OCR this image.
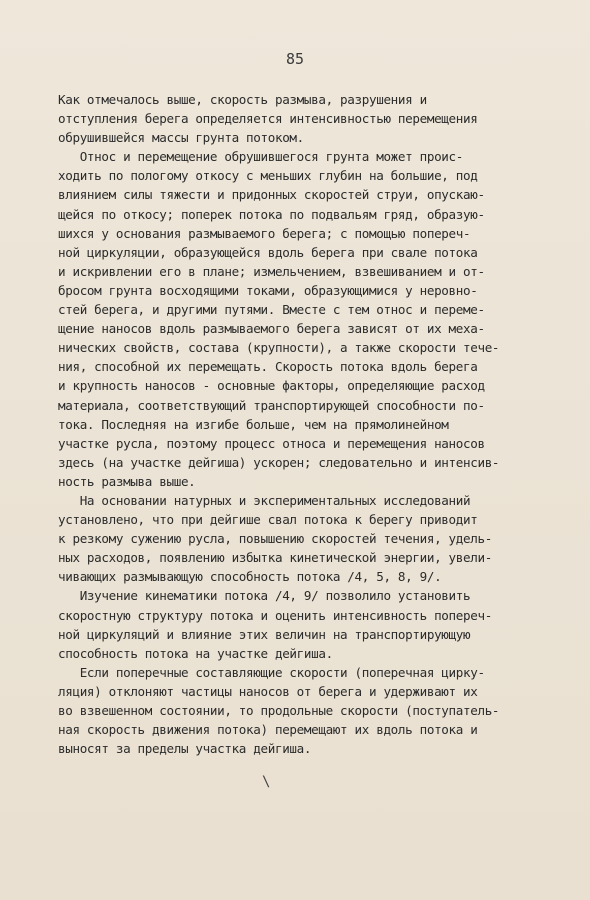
85
Как отмечалось выше, скорость размыва, разрушения и
отступления берега определяется интенсивностью перемещения
обрушившейся массы грунта потоком.
Относ и перемещение обрушившегося грунта может проис-
ходить по пологому откосу с меньших глубин на большие, под
влиянием силы тяжести и придонных скоростей струи, опускаю-
щейся по откосу; поперек потока по подвальям гряд, образую-
шихся у основания размываемого берега; с помощью попереч-
ной циркуляции, образующейся вдоль берега при свале потока
и искривлении его в плане; измельчением, взвешиванием и от-
бросом грунта восходящими токами, образующимися у неровно-
стей берега, и другими путями. Вместе с тем относ и переме-
щение наносов вдоль размываемого берега зависят от их меха-
нических свойств, состава (крупности), а также скорости тече-
ния, способной их перемещать. Скорость потока вдоль берега
и крупность наносов - основные факторы, определяющие расход
материала, соответствующий транспортирующей способности по-
тока. Последняя на изгибе больше, чем на прямолинейном
участке русла, поэтому процесс относа и перемещения наносов
здесь (на участке дейгиша) ускорен; следовательно и интенсив-
ность размыва выше.
На основании натурных и экспериментальных исследований
установлено, что при дейгише свал потока к берегу приводит
к резкому сужению русла, повышению скоростей течения, удель-
ных расходов, появлению избытка кинетической энергии, увели-
чивающих размывающую способность потока /4, 5, 8, 9/.
Изучение кинематики потока /4, 9/ позволило установить
скоростную структуру потока и оценить интенсивность попереч-
ной циркуляций и влияние этих величин на транспортирующую
способность потока на участке дейгиша.
Если поперечные составляющие скорости (поперечная цирку-
ляция) отклоняют частицы наносов от берега и удерживают их
во взвешенном состоянии, то продольные скорости (поступатель-
ная скорость движения потока) перемещают их вдоль потока и
выносят за пределы участка дейгиша.
\
